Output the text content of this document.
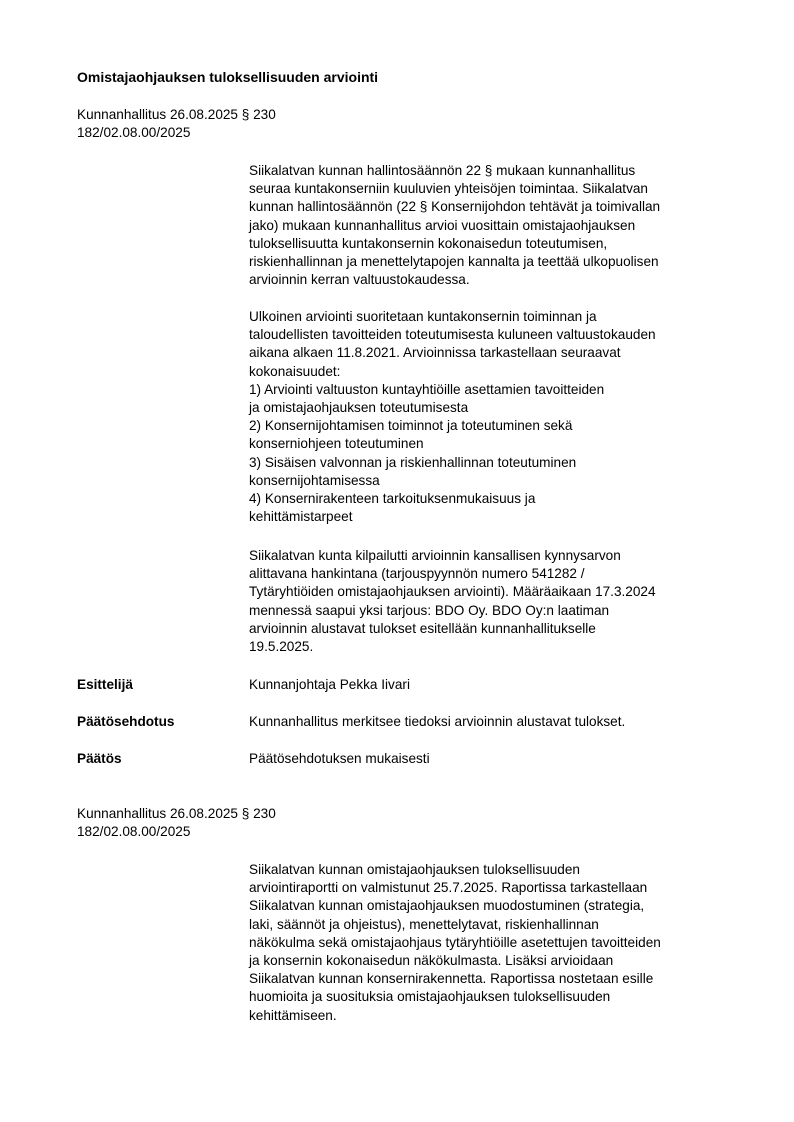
Omistajaohjauksen tuloksellisuuden arviointi
Kunnanhallitus 26.08.2025 § 230
182/02.08.00/2025
Siikalatvan kunnan hallintosäännön 22 § mukaan kunnanhallitus
seuraa kuntakonserniin kuuluvien yhteisöjen toimintaa. Siikalatvan
kunnan hallintosäännön (22 § Konsernijohdon tehtävät ja toimivallan
jako) mukaan kunnanhallitus arvioi vuosittain omistajaohjauksen
tuloksellisuutta kuntakonsernin kokonaisedun toteutumisen,
riskienhallinnan ja menettelytapojen kannalta ja teettää ulkopuolisen
arvioinnin kerran valtuustokaudessa.
Ulkoinen arviointi suoritetaan kuntakonsernin toiminnan ja
taloudellisten tavoitteiden toteutumisesta kuluneen valtuustokauden
aikana alkaen 11.8.2021. Arvioinnissa tarkastellaan seuraavat
kokonaisuudet:
1) Arviointi valtuuston kuntayhtiöille asettamien tavoitteiden
ja omistajaohjauksen toteutumisesta
2) Konsernijohtamisen toiminnot ja toteutuminen sekä
konserniohjeen toteutuminen
3) Sisäisen valvonnan ja riskienhallinnan toteutuminen
konsernijohtamisessa
4) Konsernirakenteen tarkoituksenmukaisuus ja
kehittämistarpeet
Siikalatvan kunta kilpailutti arvioinnin kansallisen kynnysarvon
alittavana hankintana (tarjouspyynnön numero 541282 /
Tytäryhtiöiden omistajaohjauksen arviointi). Määräaikaan 17.3.2024
mennessä saapui yksi tarjous: BDO Oy. BDO Oy:n laatiman
arvioinnin alustavat tulokset esitellään kunnanhallitukselle
19.5.2025.
Esittelijä	Kunnanjohtaja Pekka Iivari
Päätösehdotus	Kunnanhallitus merkitsee tiedoksi arvioinnin alustavat tulokset.
Päätös	Päätösehdotuksen mukaisesti
Kunnanhallitus 26.08.2025 § 230
182/02.08.00/2025
Siikalatvan kunnan omistajaohjauksen tuloksellisuuden
arviointiraportti on valmistunut 25.7.2025. Raportissa tarkastellaan
Siikalatvan kunnan omistajaohjauksen muodostuminen (strategia,
laki, säännöt ja ohjeistus), menettelytavat, riskienhallinnan
näkökulma sekä omistajaohjaus tytäryhtiöille asetettujen tavoitteiden
ja konsernin kokonaisedun näkökulmasta. Lisäksi arvioidaan
Siikalatvan kunnan konsernirakennetta. Raportissa nostetaan esille
huomioita ja suosituksia omistajaohjauksen tuloksellisuuden
kehittämiseen.
